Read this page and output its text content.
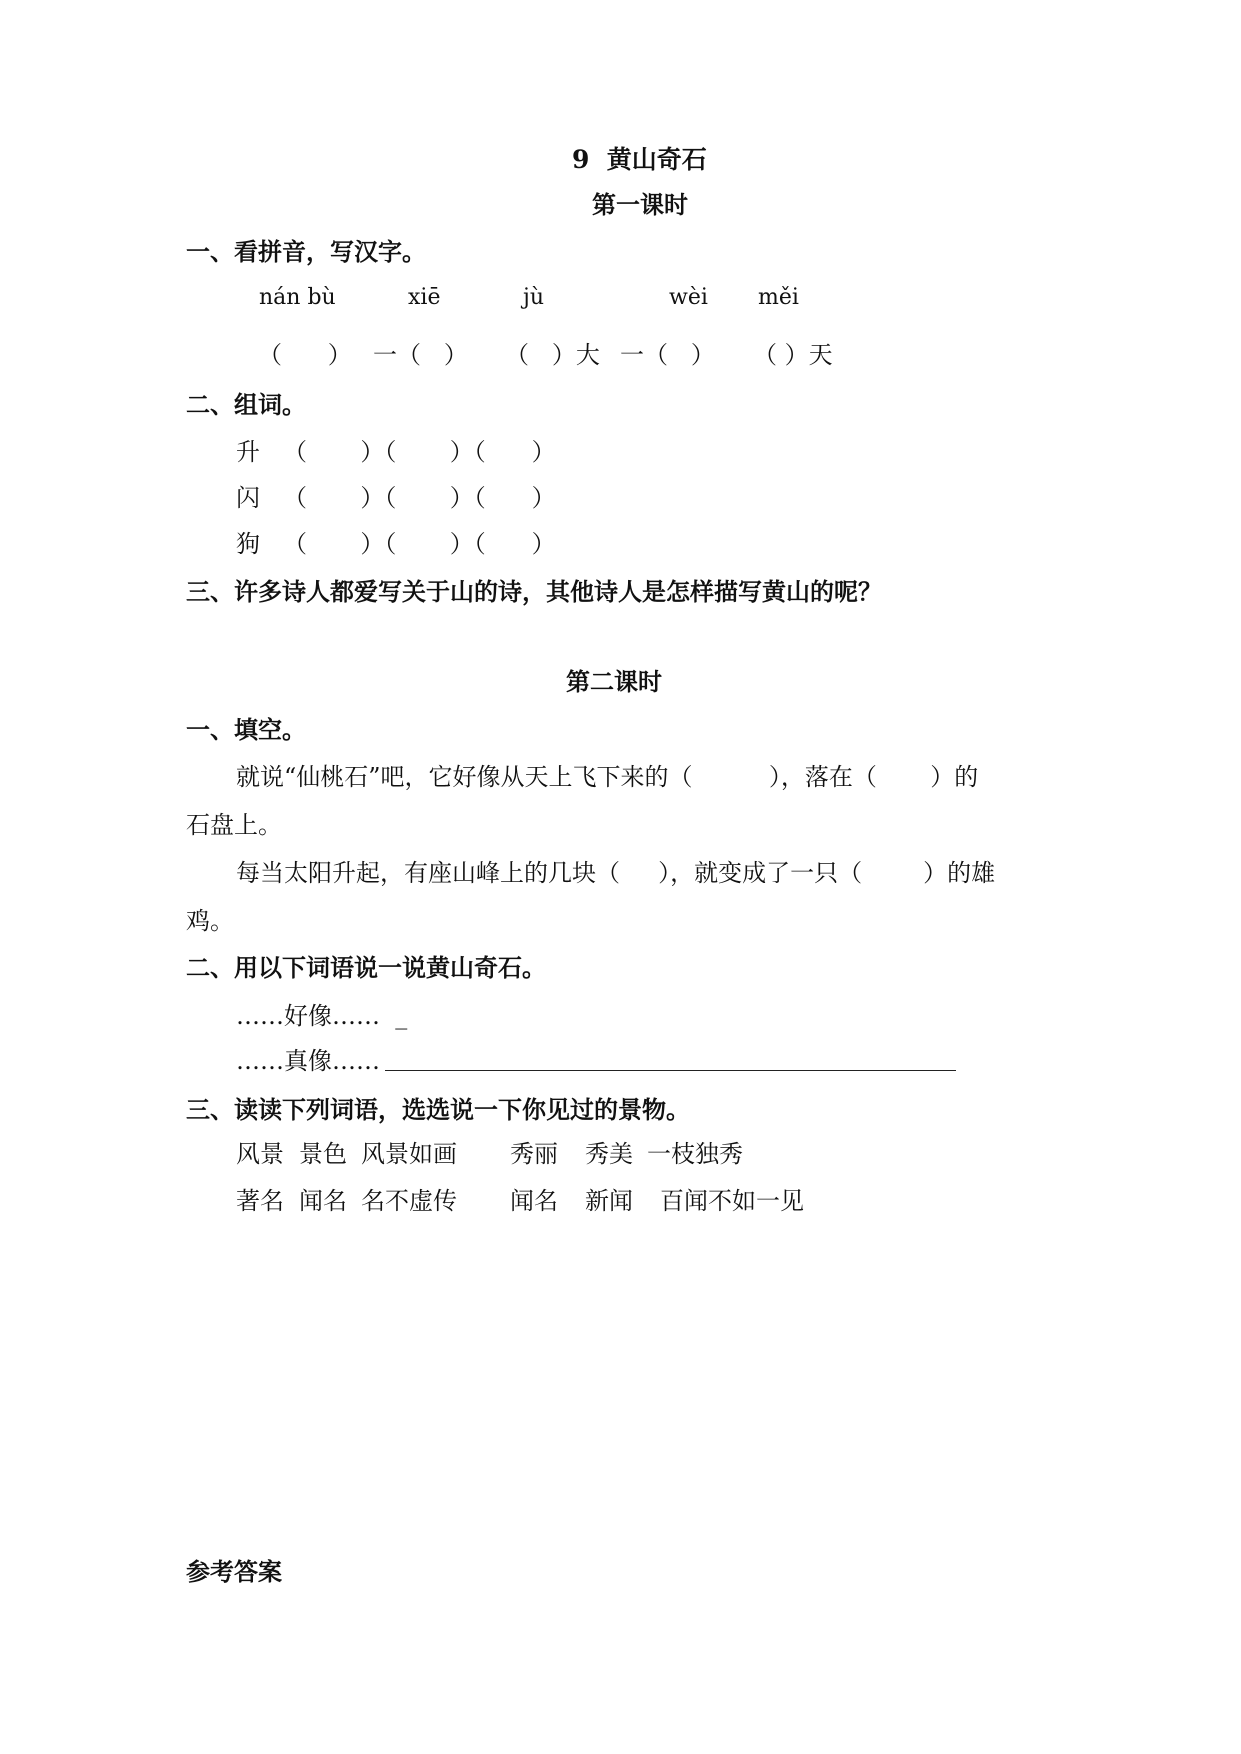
9  黄山奇石
第一课时
一、看拼音，写汉字。
nán bù	xiē	jù	wèi měi
（      ） 一（   ） （   ）大 一（   ） （ ）天
二、组词。
升 （       ）（       ）（      ）
闪 （       ）（       ）（      ）
狗 （       ）（       ）（      ）
三、许多诗人都爱写关于山的诗，其他诗人是怎样描写黄山的呢？
第二课时
一、填空。
就说“仙桃石”吧，它好像从天上飞下来的（          ），落在（       ）的
石盘上。
每当太阳升起，有座山峰上的几块（     ），就变成了一只（        ）的雄
鸡。
二、用以下词语说一说黄山奇石。
……好像……  _
……真像……
三、读读下列词语，选选说一下你见过的景物。
风景 景色 风景如画 秀丽 秀美 一枝独秀
著名 闻名 名不虚传 闻名 新闻 百闻不如一见
参考答案
